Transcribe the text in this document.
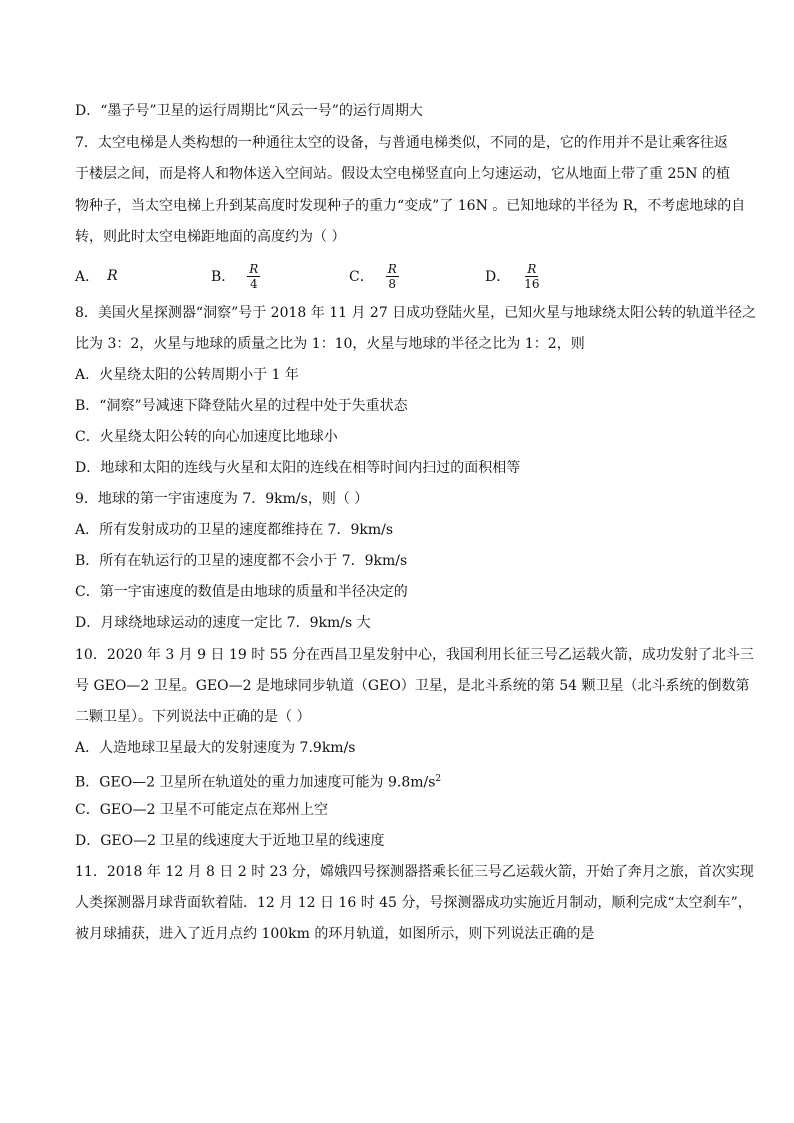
D．“墨子号”卫星的运行周期比“风云一号”的运行周期大
7．太空电梯是人类构想的一种通往太空的设备，与普通电梯类似，不同的是，它的作用并不是让乘客往返
于楼层之间，而是将人和物体送入空间站。假设太空电梯竖直向上匀速运动，它从地面上带了重 25N 的植
物种子，当太空电梯上升到某高度时发现种子的重力“变成”了 16N 。已知地球的半径为 R，不考虑地球的自
转，则此时太空电梯距地面的高度约为（ ）
A． R	B． $\frac{R}{4}$	C． $\frac{R}{8}$	D． $\frac{R}{16}$
8．美国火星探测器“洞察”号于 2018 年 11 月 27 日成功登陆火星，已知火星与地球绕太阳公转的轨道半径之
比为 3：2，火星与地球的质量之比为 1：10，火星与地球的半径之比为 1：2，则
A．火星绕太阳的公转周期小于 1 年
B．“洞察”号减速下降登陆火星的过程中处于失重状态
C．火星绕太阳公转的向心加速度比地球小
D．地球和太阳的连线与火星和太阳的连线在相等时间内扫过的面积相等
9．地球的第一宇宙速度为 7．9km/s，则（ ）
A．所有发射成功的卫星的速度都维持在 7．9km/s
B．所有在轨运行的卫星的速度都不会小于 7．9km/s
C．第一宇宙速度的数值是由地球的质量和半径决定的
D．月球绕地球运动的速度一定比 7．9km/s 大
10．2020 年 3 月 9 日 19 时 55 分在西昌卫星发射中心，我国利用长征三号乙运载火箭，成功发射了北斗三
号 GEO—2 卫星。GEO—2 是地球同步轨道（GEO）卫星，是北斗系统的第 54 颗卫星（北斗系统的倒数第
二颗卫星）。下列说法中正确的是（ ）
A．人造地球卫星最大的发射速度为 7.9km/s
B．GEO—2 卫星所在轨道处的重力加速度可能为 $9.8m/s^2$
C．GEO—2 卫星不可能定点在郑州上空
D．GEO—2 卫星的线速度大于近地卫星的线速度
11．2018 年 12 月 8 日 2 时 23 分，嫦娥四号探测器搭乘长征三号乙运载火箭，开始了奔月之旅，首次实现
人类探测器月球背面软着陆．12 月 12 日 16 时 45 分，号探测器成功实施近月制动，顺利完成“太空刹车”，
被月球捕获，进入了近月点约 100km 的环月轨道，如图所示，则下列说法正确的是
